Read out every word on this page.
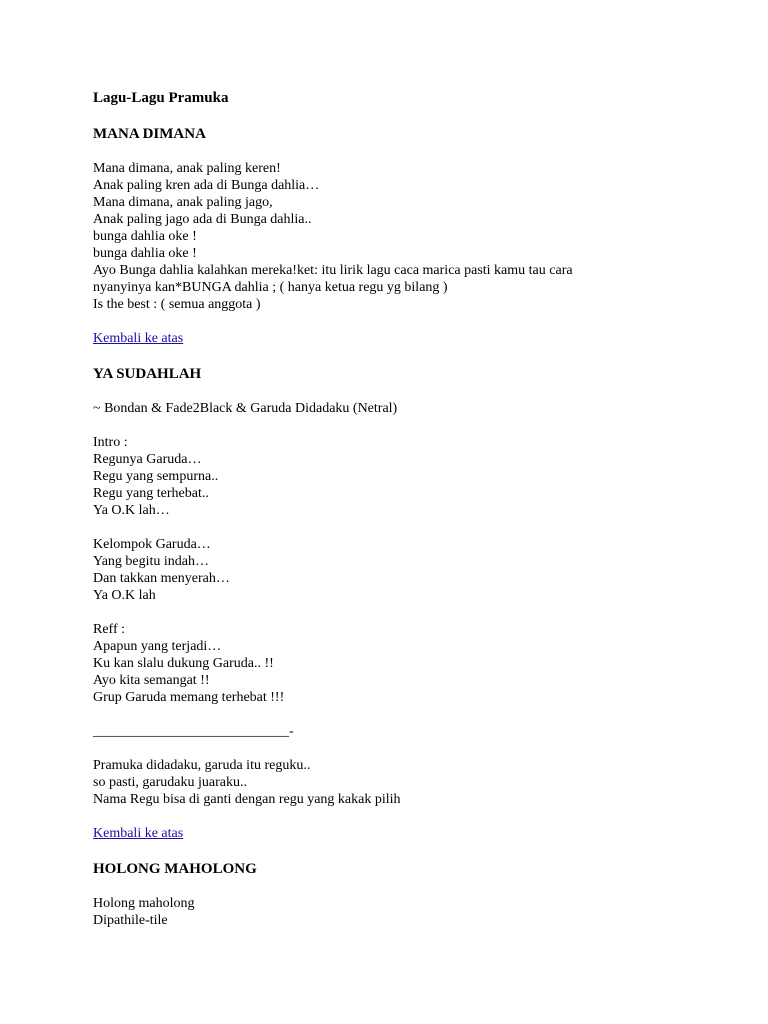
Lagu-Lagu Pramuka
MANA DIMANA
Mana dimana, anak paling keren!
Anak paling kren ada di Bunga dahlia…
Mana dimana, anak paling jago,
Anak paling jago ada di Bunga dahlia..
bunga dahlia oke !
bunga dahlia oke !
Ayo Bunga dahlia kalahkan mereka!ket: itu lirik lagu caca marica pasti kamu tau cara
nyanyinya kan*BUNGA dahlia ; ( hanya ketua regu yg bilang )
Is the best : ( semua anggota )
Kembali ke atas
YA SUDAHLAH
~ Bondan & Fade2Black & Garuda Didadaku (Netral)
Intro :
Regunya Garuda…
Regu yang sempurna..
Regu yang terhebat..
Ya O.K lah…
Kelompok Garuda…
Yang begitu indah…
Dan takkan menyerah…
Ya O.K lah
Reff :
Apapun yang terjadi…
Ku kan slalu dukung Garuda.. !!
Ayo kita semangat !!
Grup Garuda memang terhebat !!!
____________________________-
Pramuka didadaku, garuda itu reguku..
so pasti, garudaku juaraku..
Nama Regu bisa di ganti dengan regu yang kakak pilih
Kembali ke atas
HOLONG MAHOLONG
Holong maholong
Dipathile-tile
